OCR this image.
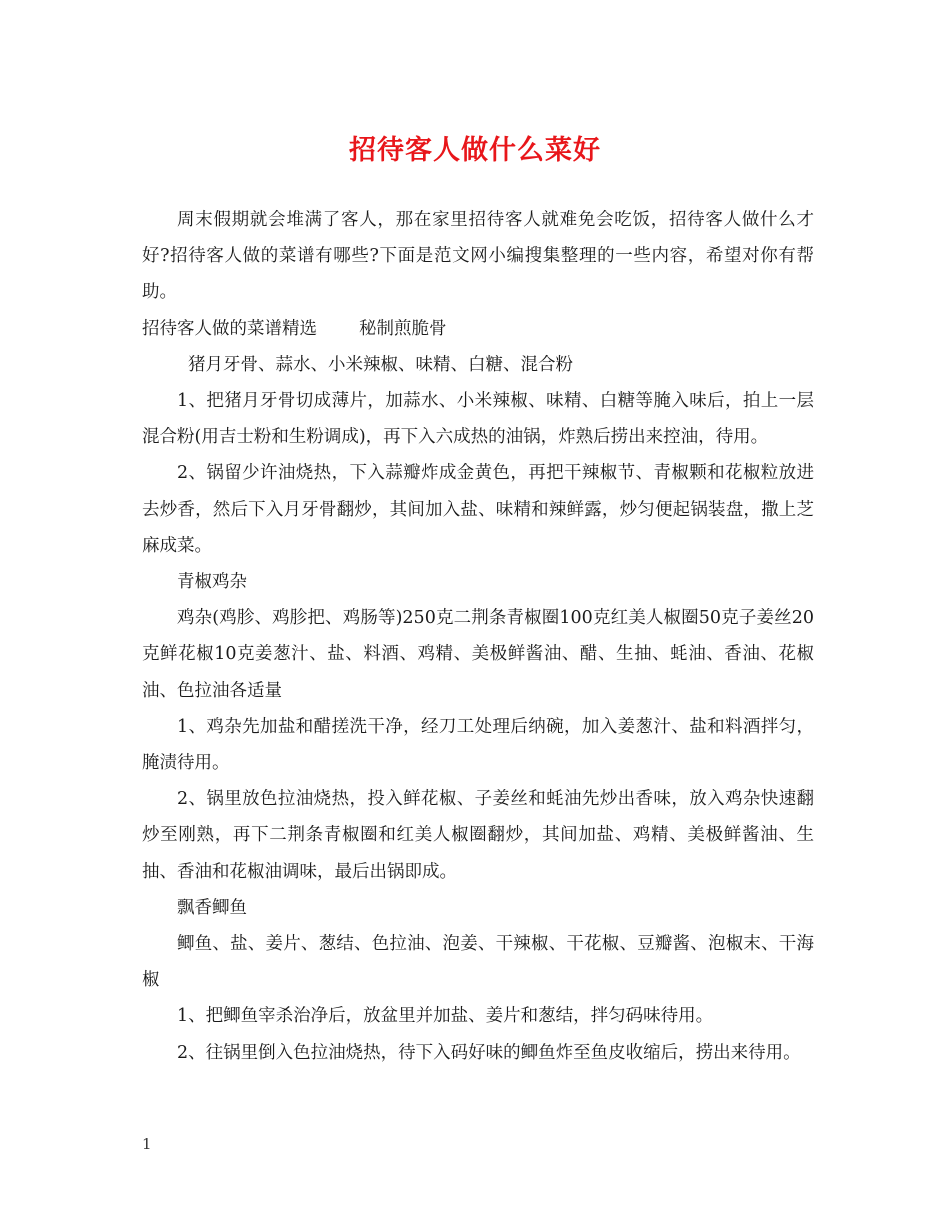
招待客人做什么菜好

周末假期就会堆满了客人，那在家里招待客人就难免会吃饭，招待客人做什么才好?招待客人做的菜谱有哪些?下面是范文网小编搜集整理的一些内容，希望对你有帮助。

招待客人做的菜谱精选 秘制煎脆骨

猪月牙骨、蒜水、小米辣椒、味精、白糖、混合粉

1、把猪月牙骨切成薄片，加蒜水、小米辣椒、味精、白糖等腌入味后，拍上一层混合粉(用吉士粉和生粉调成)，再下入六成热的油锅，炸熟后捞出来控油，待用。

2、锅留少许油烧热，下入蒜瓣炸成金黄色，再把干辣椒节、青椒颗和花椒粒放进去炒香，然后下入月牙骨翻炒，其间加入盐、味精和辣鲜露，炒匀便起锅装盘，撒上芝麻成菜。

青椒鸡杂

鸡杂(鸡胗、鸡胗把、鸡肠等)250克二荆条青椒圈100克红美人椒圈50克子姜丝20克鲜花椒10克姜葱汁、盐、料酒、鸡精、美极鲜酱油、醋、生抽、蚝油、香油、花椒油、色拉油各适量

1、鸡杂先加盐和醋搓洗干净，经刀工处理后纳碗，加入姜葱汁、盐和料酒拌匀，腌渍待用。

2、锅里放色拉油烧热，投入鲜花椒、子姜丝和蚝油先炒出香味，放入鸡杂快速翻炒至刚熟，再下二荆条青椒圈和红美人椒圈翻炒，其间加盐、鸡精、美极鲜酱油、生抽、香油和花椒油调味，最后出锅即成。

飘香鲫鱼

鲫鱼、盐、姜片、葱结、色拉油、泡姜、干辣椒、干花椒、豆瓣酱、泡椒末、干海椒

1、把鲫鱼宰杀治净后，放盆里并加盐、姜片和葱结，拌匀码味待用。

2、往锅里倒入色拉油烧热，待下入码好味的鲫鱼炸至鱼皮收缩后，捞出来待用。

1
